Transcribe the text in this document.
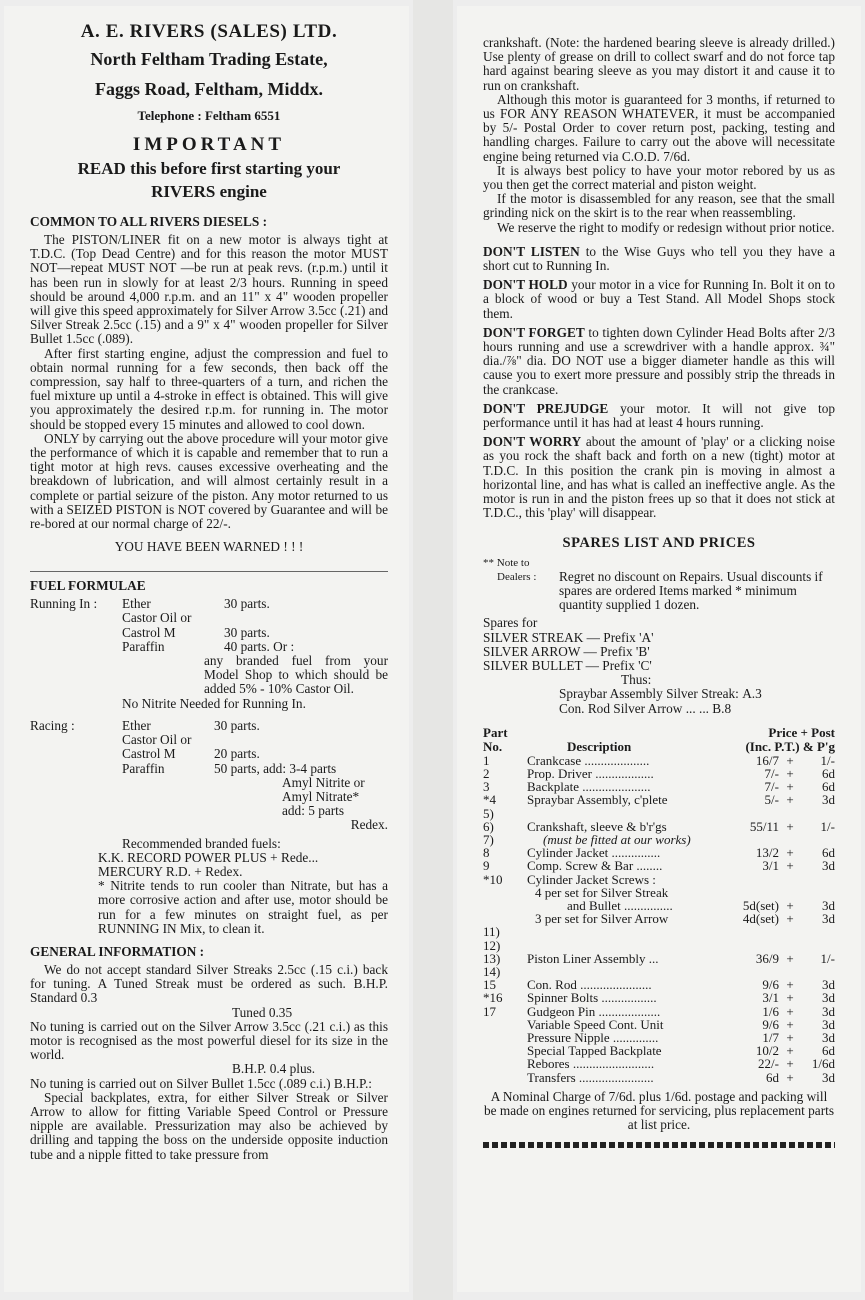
A. E. RIVERS (SALES) LTD.
North Feltham Trading Estate,
Faggs Road, Feltham, Middx.
Telephone : Feltham 6551
IMPORTANT
READ this before first starting your
RIVERS engine
COMMON TO ALL RIVERS DIESELS :

The PISTON/LINER fit on a new motor is always tight at T.D.C. (Top Dead Centre) and for this reason the motor MUST NOT—repeat MUST NOT —be run at peak revs. (r.p.m.) until it has been run in slowly for at least 2/3 hours. Running in speed should be around 4,000 r.p.m. and an 11" x 4" wooden propeller will give this speed approximately for Silver Arrow 3.5cc (.21) and Silver Streak 2.5cc (.15) and a 9" x 4" wooden propeller for Silver Bullet 1.5cc (.089).

After first starting engine, adjust the compression and fuel to obtain normal running for a few seconds, then back off the compression, say half to three-quarters of a turn, and richen the fuel mixture up until a 4-stroke in effect is obtained. This will give you approximately the desired r.p.m. for running in. The motor should be stopped every 15 minutes and allowed to cool down.

ONLY by carrying out the above procedure will your motor give the performance of which it is capable and remember that to run a tight motor at high revs. causes excessive overheating and the breakdown of lubrication, and will almost certainly result in a complete or partial seizure of the piston. Any motor returned to us with a SEIZED PISTON is NOT covered by Guarantee and will be re-bored at our normal charge of 22/-.

YOU HAVE BEEN WARNED ! ! !
FUEL FORMULAE
Running In :	Ether	30 parts.
	Castor Oil or	
	Castrol M	30 parts.
	Paraffin	40 parts. Or :

any branded fuel from your Model Shop to which should be added 5% - 10% Castor Oil.

No Nitrite Needed for Running In.

Racing :	Ether	30 parts.
	Castor Oil or	
	Castrol M	20 parts.
	Paraffin	50 parts, add: 3-4 parts
Amyl Nitrite or
Amyl Nitrate*
add: 5 parts
Redex.

Recommended branded fuels:

K.K. RECORD POWER PLUS + Rede...

MERCURY R.D. + Redex.

* Nitrite tends to run cooler than Nitrate, but has a more corrosive action and after use, motor should be run for a few minutes on straight fuel, as per RUNNING IN Mix, to clean it.

GENERAL INFORMATION :

We do not accept standard Silver Streaks 2.5cc (.15 c.i.) back for tuning. A Tuned Streak must be ordered as such. B.H.P. Standard 0.3

Tuned 0.35

No tuning is carried out on the Silver Arrow 3.5cc (.21 c.i.) as this motor is recognised as the most powerful diesel for its size in the world.

B.H.P. 0.4 plus.

No tuning is carried out on Silver Bullet 1.5cc (.089 c.i.) B.H.P.:

Special backplates, extra, for either Silver Streak or Silver Arrow to allow for fitting Variable Speed Control or Pressure nipple are available. Pressurization may also be achieved by drilling and tapping the boss on the underside opposite induction tube and a nipple fitted to take pressure from

crankshaft. (Note: the hardened bearing sleeve is already drilled.) Use plenty of grease on drill to collect swarf and do not force tap hard against bearing sleeve as you may distort it and cause it to run on crankshaft.

Although this motor is guaranteed for 3 months, if returned to us FOR ANY REASON WHATEVER, it must be accompanied by 5/- Postal Order to cover return post, packing, testing and handling charges. Failure to carry out the above will necessitate engine being returned via C.O.D. 7/6d.

It is always best policy to have your motor rebored by us as you then get the correct material and piston weight.

If the motor is disassembled for any reason, see that the small grinding nick on the skirt is to the rear when reassembling.

We reserve the right to modify or redesign without prior notice.

DON'T LISTEN to the Wise Guys who tell you they have a short cut to Running In.
DON'T HOLD your motor in a vice for Running In. Bolt it on to a block of wood or buy a Test Stand. All Model Shops stock them.
DON'T FORGET to tighten down Cylinder Head Bolts after 2/3 hours running and use a screwdriver with a handle approx. ¾" dia./⅞" dia. DO NOT use a bigger diameter handle as this will cause you to exert more pressure and possibly strip the threads in the crankcase.
DON'T PREJUDGE your motor. It will not give top performance until it has had at least 4 hours running.
DON'T WORRY about the amount of 'play' or a clicking noise as you rock the shaft back and forth on a new (tight) motor at T.D.C. In this position the crank pin is moving in almost a horizontal line, and has what is called an ineffective angle. As the motor is run in and the piston frees up so that it does not stick at T.D.C., this 'play' will disappear.
SPARES LIST AND PRICES

** Note to

Dealers :	Regret no discount on Repairs. Usual discounts if spares are ordered Items marked * minimum quantity supplied 1 dozen.

Spares for

SILVER STREAK — Prefix 'A'

SILVER ARROW — Prefix 'B'

SILVER BULLET — Prefix 'C'

Thus:

Spraybar Assembly Silver Streak:
A.3
Con. Rod Silver Arrow ...
... B.8
Part No.	Description	Price + Post
(Inc. P.T.) & P'g		

1	Crankcase ....................	16/7	+	1/-
2	Prop. Driver ..................	7/-	+	6d
3	Backplate .....................	7/-	+	6d
*4	Spraybar Assembly, c'plete	5/-	+	3d
5)				
6)	Crankshaft, sleeve & b'r'gs	55/11	+	1/-
7)	(must be fitted at our works)			
8	Cylinder Jacket ...............	13/2	+	6d
9	Comp. Screw & Bar ........	3/1	+	3d
*10	Cylinder Jacket Screws :			
	4 per set for Silver Streak			
	and Bullet ...............	5d(set)	+	3d
	3 per set for Silver Arrow	4d(set)	+	3d
11)				
12)				
13)	Piston Liner Assembly ...	36/9	+	1/-
14)				
15	Con. Rod ......................	9/6	+	3d
*16	Spinner Bolts .................	3/1	+	3d
17	Gudgeon Pin ...................	1/6	+	3d
	Variable Speed Cont. Unit	9/6	+	3d
	Pressure Nipple ..............	1/7	+	3d
	Special Tapped Backplate	10/2	+	6d
	Rebores .........................	22/-	+	1/6d
	Transfers .......................	6d	+	3d

A Nominal Charge of 7/6d. plus 1/6d. postage and packing will be made on engines returned for servicing, plus replacement parts at list price.
